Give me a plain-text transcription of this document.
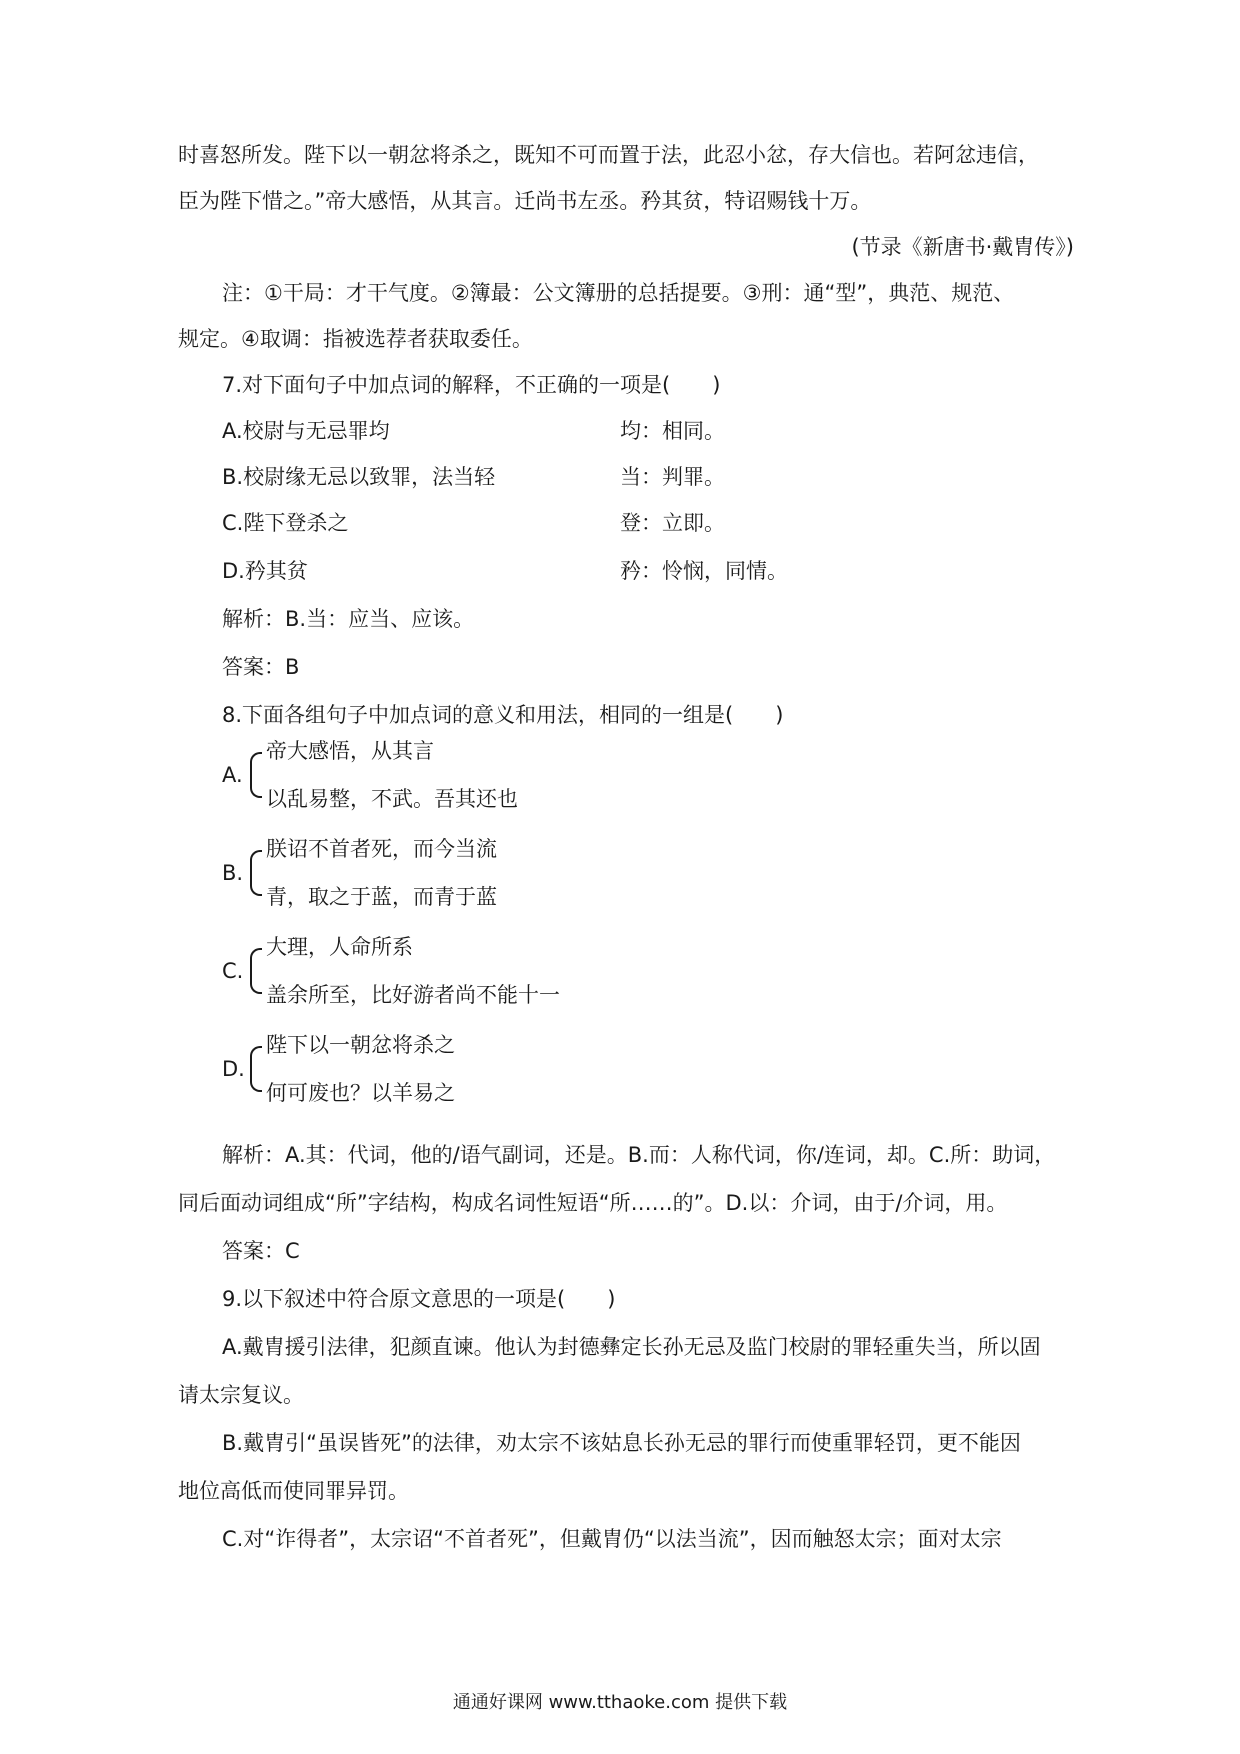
时喜怒所发。陛下以一朝忿将杀之，既知不可而置于法，此忍小忿，存大信也。若阿忿违信，
臣为陛下惜之。”帝大感悟，从其言。迁尚书左丞。矜其贫，特诏赐钱十万。
(节录《新唐书·戴胄传》)
注：①干局：才干气度。②簿最：公文簿册的总括提要。③刑：通“型”，典范、规范、
规定。④取调：指被选荐者获取委任。
7.对下面句子中加点词的解释，不正确的一项是(　　)
A.校尉与无忌罪均	均：相同。
B.校尉缘无忌以致罪，法当轻	当：判罪。
C.陛下登杀之	登：立即。
D.矜其贫	矜：怜悯，同情。
解析：B.当：应当、应该。
答案：B
8.下面各组句子中加点词的意义和用法，相同的一组是(　　)
A.
帝大感悟，从其言
以乱易整，不武。吾其还也
B.
朕诏不首者死，而今当流
青，取之于蓝，而青于蓝
C.
大理，人命所系
盖余所至，比好游者尚不能十一
D.
陛下以一朝忿将杀之
何可废也？以羊易之
解析：A.其：代词，他的/语气副词，还是。B.而：人称代词，你/连词，却。C.所：助词，
同后面动词组成“所”字结构，构成名词性短语“所……的”。D.以：介词，由于/介词，用。
答案：C
9.以下叙述中符合原文意思的一项是(　　)
A.戴胄援引法律，犯颜直谏。他认为封德彝定长孙无忌及监门校尉的罪轻重失当，所以固
请太宗复议。
B.戴胄引“虽误皆死”的法律，劝太宗不该姑息长孙无忌的罪行而使重罪轻罚，更不能因
地位高低而使同罪异罚。
C.对“诈得者”，太宗诏“不首者死”，但戴胄仍“以法当流”，因而触怒太宗；面对太宗
通通好课网 www.tthaoke.com 提供下载
